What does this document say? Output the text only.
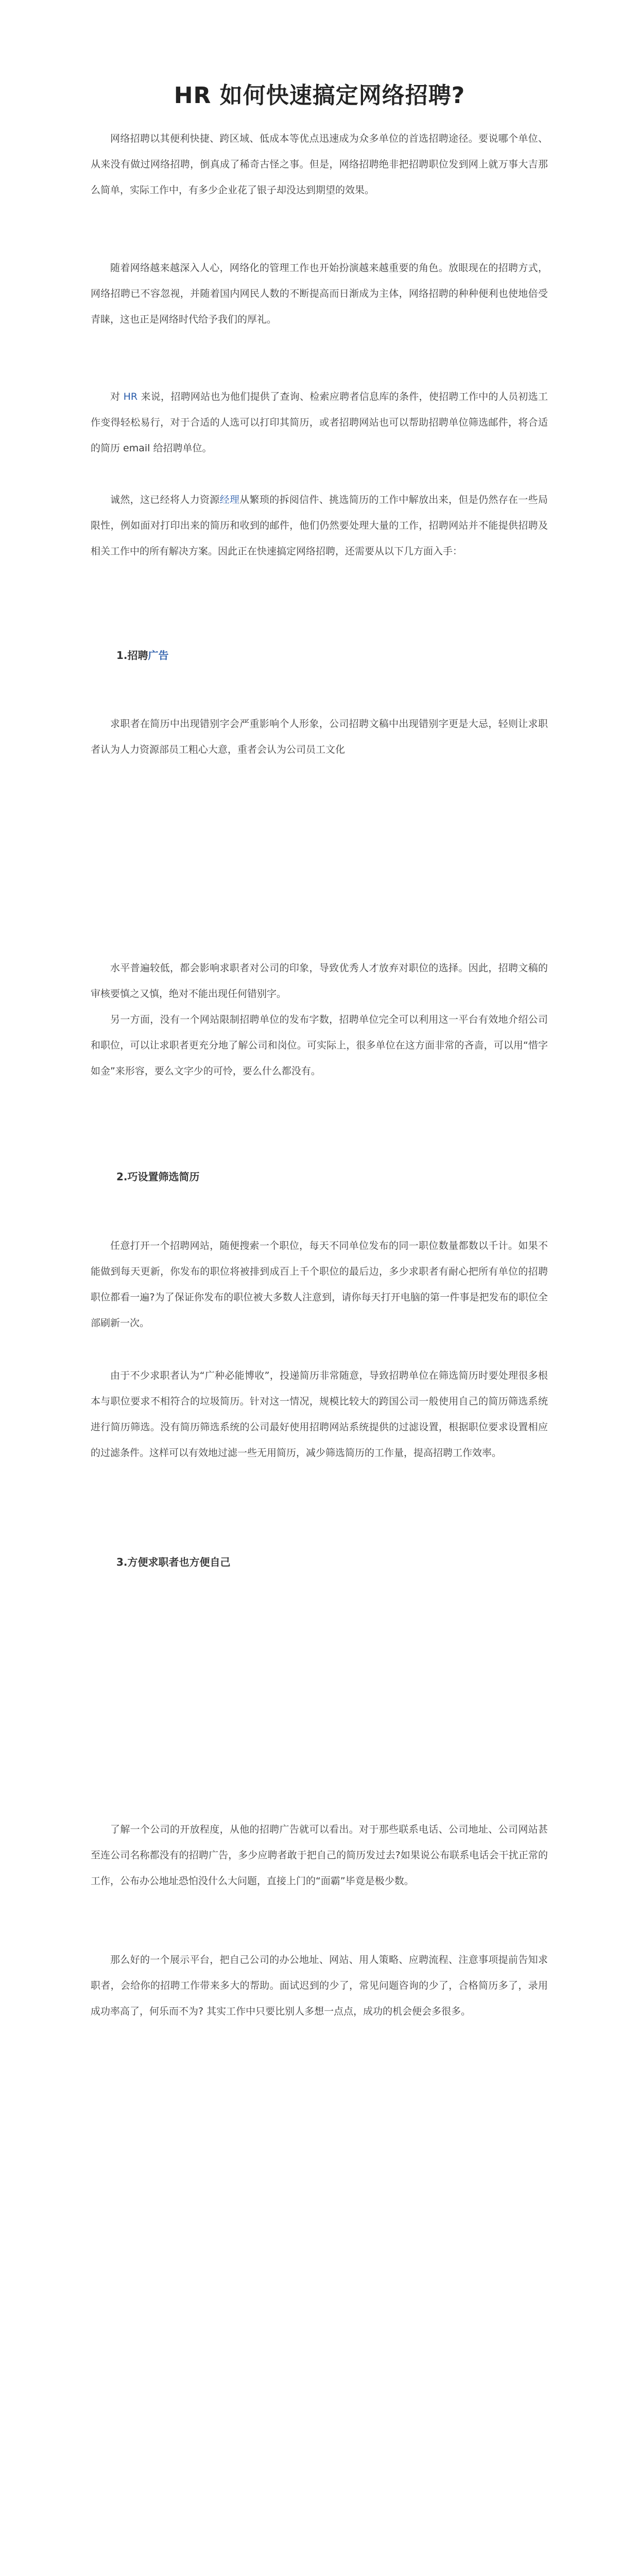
HR 如何快速搞定网络招聘?

网络招聘以其便利快捷、跨区域、低成本等优点迅速成为众多单位的首选招聘途径。要说哪个单位、从来没有做过网络招聘，倒真成了稀奇古怪之事。但是，网络招聘绝非把招聘职位发到网上就万事大吉那么简单，实际工作中，有多少企业花了银子却没达到期望的效果。

随着网络越来越深入人心，网络化的管理工作也开始扮演越来越重要的角色。放眼现在的招聘方式，网络招聘已不容忽视，并随着国内网民人数的不断提高而日渐成为主体，网络招聘的种种便利也使地倍受青睐，这也正是网络时代给予我们的厚礼。

对 HR 来说，招聘网站也为他们提供了查询、检索应聘者信息库的条件，使招聘工作中的人员初选工作变得轻松易行，对于合适的人选可以打印其简历，或者招聘网站也可以帮助招聘单位筛选邮件，将合适的简历 email 给招聘单位。

诚然，这已经将人力资源经理从繁琐的拆阅信件、挑选简历的工作中解放出来，但是仍然存在一些局限性，例如面对打印出来的简历和收到的邮件，他们仍然要处理大量的工作，招聘网站并不能提供招聘及相关工作中的所有解决方案。因此正在快速搞定网络招聘，还需要从以下几方面入手：

1.招聘广告

求职者在简历中出现错别字会严重影响个人形象，公司招聘文稿中出现错别字更是大忌，轻则让求职者认为人力资源部员工粗心大意，重者会认为公司员工文化

水平普遍较低，都会影响求职者对公司的印象，导致优秀人才放弃对职位的选择。因此，招聘文稿的审核要慎之又慎，绝对不能出现任何错别字。

另一方面，没有一个网站限制招聘单位的发布字数，招聘单位完全可以利用这一平台有效地介绍公司和职位，可以让求职者更充分地了解公司和岗位。可实际上，很多单位在这方面非常的吝啬，可以用“惜字如金”来形容，要么文字少的可怜，要么什么都没有。

2.巧设置筛选简历

任意打开一个招聘网站，随便搜索一个职位，每天不同单位发布的同一职位数量都数以千计。如果不能做到每天更新，你发布的职位将被排到成百上千个职位的最后边，多少求职者有耐心把所有单位的招聘职位都看一遍?为了保证你发布的职位被大多数人注意到，请你每天打开电脑的第一件事是把发布的职位全部刷新一次。

由于不少求职者认为“广种必能博收”，投递简历非常随意，导致招聘单位在筛选简历时要处理很多根本与职位要求不相符合的垃圾简历。针对这一情况，规模比较大的跨国公司一般使用自己的简历筛选系统进行简历筛选。没有简历筛选系统的公司最好使用招聘网站系统提供的过滤设置，根据职位要求设置相应的过滤条件。这样可以有效地过滤一些无用简历，减少筛选简历的工作量，提高招聘工作效率。

3.方便求职者也方便自己

了解一个公司的开放程度，从他的招聘广告就可以看出。对于那些联系电话、公司地址、公司网站甚至连公司名称都没有的招聘广告，多少应聘者敢于把自己的简历发过去?如果说公布联系电话会干扰正常的工作，公布办公地址恐怕没什么大问题，直接上门的“面霸”毕竟是极少数。

那么好的一个展示平台，把自己公司的办公地址、网站、用人策略、应聘流程、注意事项提前告知求职者，会给你的招聘工作带来多大的帮助。面试迟到的少了，常见问题咨询的少了，合格简历多了，录用成功率高了，何乐而不为? 其实工作中只要比别人多想一点点，成功的机会便会多很多。
